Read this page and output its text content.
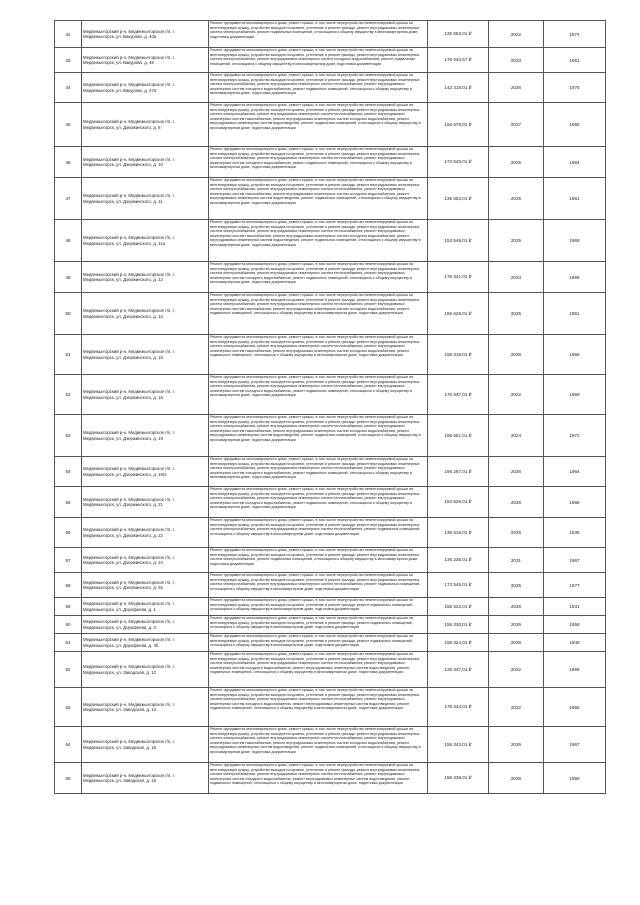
42	Медвежьегорский р-н, Медвежьегорское г/п, г. Медвежьегорск, ул. Вакурова, д. 40а	Ремонт фундамента многоквартирного дома, ремонт крыши, в том числе переустройство невентилируемой крыши на вентилируемую крышу, устройство выходов на кровлю, утепление и ремонт фасада, ремонт внутридомовых инженерных систем электроснабжения, ремонт подвальных помещений, относящихся к общему имуществу в многоквартирном доме, подготовка документации	135 653,01 ₽	2022	1974
43	Медвежьегорский р-н, Медвежьегорское г/п, г. Медвежьегорск, ул. Вакурова, д. 46	Ремонт фундамента многоквартирного дома, ремонт крыши, в том числе переустройство невентилируемой крыши на вентилируемую крышу, устройство выходов на кровлю, утепление и ремонт фасада, ремонт внутридомовых инженерных систем электроснабжения, ремонт внутридомовых инженерных систем холодного водоснабжения, ремонт подвальных помещений, относящихся к общему имуществу в многоквартирном доме, подготовка документации	176 643,67 ₽	2023	1961
44	Медвежьегорский р-н, Медвежьегорское г/п, г. Медвежьегорск, ул. Вакурова, д. 47а	Ремонт фундамента многоквартирного дома, ремонт крыши, в том числе переустройство невентилируемой крыши на вентилируемую крышу, устройство выходов на кровлю, утепление и ремонт фасада, ремонт внутридомовых инженерных систем электроснабжения, ремонт внутридомовых инженерных систем теплоснабжения, ремонт внутридомовых инженерных систем холодного водоснабжения, ремонт подвальных помещений, относящихся к общему имуществу в многоквартирном доме, подготовка документации	142 318,01 ₽	2026	1976
45	Медвежьегорский р-н, Медвежьегорское г/п, г. Медвежьегорск, ул. Дзержинского, д. 8	Ремонт фундамента многоквартирного дома, ремонт крыши, в том числе переустройство невентилируемой крыши на вентилируемую крышу, устройство выходов на кровлю, утепление и ремонт фасада, ремонт внутридомовых инженерных систем электроснабжения, ремонт внутридомовых инженерных систем теплоснабжения, ремонт внутридомовых инженерных систем газоснабжения, ремонт внутридомовых инженерных систем холодного водоснабжения, ремонт внутридомовых инженерных систем водоотведения, ремонт подвальных помещений, относящихся к общему имуществу в многоквартирном доме, подготовка документации	156 579,01 ₽	2027	1965
46	Медвежьегорский р-н, Медвежьегорское г/п, г. Медвежьегорск, ул. Дзержинского, д. 10	Ремонт фундамента многоквартирного дома, ремонт крыши, в том числе переустройство невентилируемой крыши на вентилируемую крышу, устройство выходов на кровлю, утепление и ремонт фасада, ремонт внутридомовых инженерных систем электроснабжения, ремонт внутридомовых инженерных систем теплоснабжения, ремонт внутридомовых инженерных систем холодного водоснабжения, ремонт подвальных помещений, относящихся к общему имуществу в многоквартирном доме, подготовка документации	173 549,01 ₽	2025	1964
47	Медвежьегорский р-н, Медвежьегорское г/п, г. Медвежьегорск, ул. Дзержинского, д. 11	Ремонт фундамента многоквартирного дома, ремонт крыши, в том числе переустройство невентилируемой крыши на вентилируемую крышу, устройство выходов на кровлю, утепление и ремонт фасада, ремонт внутридомовых инженерных систем электроснабжения, ремонт внутридомовых инженерных систем теплоснабжения, ремонт внутридомовых инженерных систем газоснабжения, ремонт внутридомовых инженерных систем холодного водоснабжения, ремонт внутридомовых инженерных систем водоотведения, ремонт подвальных помещений, относящихся к общему имуществу в многоквартирном доме, подготовка документации	135 653,01 ₽	2025	1961
48	Медвежьегорский р-н, Медвежьегорское г/п, г. Медвежьегорск, ул. Дзержинского, д. 11а	Ремонт фундамента многоквартирного дома, ремонт крыши, в том числе переустройство невентилируемой крыши на вентилируемую крышу, устройство выходов на кровлю, утепление и ремонт фасада, ремонт внутридомовых инженерных систем электроснабжения, ремонт внутридомовых инженерных систем теплоснабжения, ремонт внутридомовых инженерных систем газоснабжения, ремонт внутридомовых инженерных систем холодного водоснабжения, ремонт внутридомовых инженерных систем водоотведения, ремонт подвальных помещений, относящихся к общему имуществу в многоквартирном доме, подготовка документации	153 549,01 ₽	2025	1965
49	Медвежьегорский р-н, Медвежьегорское г/п, г. Медвежьегорск, ул. Дзержинского, д. 12	Ремонт фундамента многоквартирного дома, ремонт крыши, в том числе переустройство невентилируемой крыши на вентилируемую крышу, устройство выходов на кровлю, утепление и ремонт фасада, ремонт внутридомовых инженерных систем электроснабжения, ремонт внутридомовых инженерных систем теплоснабжения, ремонт внутридомовых инженерных систем холодного водоснабжения, ремонт подвальных помещений, относящихся к общему имуществу в многоквартирном доме, подготовка документации	176 341,01 ₽	2023	1966
50	Медвежьегорский р-н, Медвежьегорское г/п, г. Медвежьегорск, ул. Дзержинского, д. 13	Ремонт фундамента многоквартирного дома, ремонт крыши, в том числе переустройство невентилируемой крыши на вентилируемую крышу, устройство выходов на кровлю, утепление и ремонт фасада, ремонт внутридомовых инженерных систем электроснабжения, ремонт внутридомовых инженерных систем теплоснабжения, ремонт внутридомовых инженерных систем газоснабжения, ремонт внутридомовых инженерных систем холодного водоснабжения, ремонт подвальных помещений, относящихся к общему имуществу в многоквартирном доме, подготовка документации	155 628,01 ₽	2025	1961
51	Медвежьегорский р-н, Медвежьегорское г/п, г. Медвежьегорск, ул. Дзержинского, д. 15	Ремонт фундамента многоквартирного дома, ремонт крыши, в том числе переустройство невентилируемой крыши на вентилируемую крышу, устройство выходов на кровлю, утепление и ремонт фасада, ремонт внутридомовых инженерных систем электроснабжения, ремонт внутридомовых инженерных систем теплоснабжения, ремонт внутридомовых инженерных систем газоснабжения, ремонт внутридомовых инженерных систем холодного водоснабжения, ремонт подвальных помещений, относящихся к общему имуществу в многоквартирном доме, подготовка документации	155 318,01 ₽	2026	1966
52	Медвежьегорский р-н, Медвежьегорское г/п, г. Медвежьегорск, ул. Дзержинского, д. 16	Ремонт фундамента многоквартирного дома, ремонт крыши, в том числе переустройство невентилируемой крыши на вентилируемую крышу, устройство выходов на кровлю, утепление и ремонт фасада, ремонт внутридомовых инженерных систем электроснабжения, ремонт внутридомовых инженерных систем теплоснабжения, ремонт внутридомовых инженерных систем холодного водоснабжения, ремонт подвальных помещений, относящихся к общему имуществу в многоквартирном доме, подготовка документации	176 847,01 ₽	2022	1969
53	Медвежьегорский р-н, Медвежьегорское г/п, г. Медвежьегорск, ул. Дзержинского, д. 19	Ремонт фундамента многоквартирного дома, ремонт крыши, в том числе переустройство невентилируемой крыши на вентилируемую крышу, устройство выходов на кровлю, утепление и ремонт фасада, ремонт внутридомовых инженерных систем электроснабжения, ремонт внутридомовых инженерных систем теплоснабжения, ремонт внутридомовых инженерных систем газоснабжения, ремонт внутридомовых инженерных систем холодного водоснабжения, ремонт внутридомовых инженерных систем водоотведения, ремонт подвальных помещений, относящихся к общему имуществу в многоквартирном доме, подготовка документации	156 551,01 ₽	2024	1972
54	Медвежьегорский р-н, Медвежьегорское г/п, г. Медвежьегорск, ул. Дзержинского, д. 19/2	Ремонт фундамента многоквартирного дома, ремонт крыши, в том числе переустройство невентилируемой крыши на вентилируемую крышу, устройство выходов на кровлю, утепление и ремонт фасада, ремонт внутридомовых инженерных систем электроснабжения, ремонт внутридомовых инженерных систем теплоснабжения, ремонт внутридомовых инженерных систем холодного водоснабжения, ремонт подвальных помещений, относящихся к общему имуществу в многоквартирном доме, подготовка документации	156 267,01 ₽	2026	1964
55	Медвежьегорский р-н, Медвежьегорское г/п, г. Медвежьегорск, ул. Дзержинского, д. 21	Ремонт фундамента многоквартирного дома, ремонт крыши, в том числе переустройство невентилируемой крыши на вентилируемую крышу, устройство выходов на кровлю, утепление и ремонт фасада, ремонт внутридомовых инженерных систем электроснабжения, ремонт внутридомовых инженерных систем теплоснабжения, ремонт внутридомовых инженерных систем холодного водоснабжения, ремонт подвальных помещений, относящихся к общему имуществу в многоквартирном доме, подготовка документации	153 528,01 ₽	2026	1968
56	Медвежьегорский р-н, Медвежьегорское г/п, г. Медвежьегорск, ул. Дзержинского, д. 22	Ремонт фундамента многоквартирного дома, ремонт крыши, в том числе переустройство невентилируемой крыши на вентилируемую крышу, устройство выходов на кровлю, утепление и ремонт фасада, ремонт внутридомовых инженерных систем электроснабжения, ремонт внутридомовых инженерных систем теплоснабжения, ремонт подвальных помещений, относящихся к общему имуществу в многоквартирном доме, подготовка документации	135 518,01 ₽	2026	1936
57	Медвежьегорский р-н, Медвежьегорское г/п, г. Медвежьегорск, ул. Дзержинского, д. 24	Ремонт фундамента многоквартирного дома, ремонт крыши, в том числе переустройство невентилируемой крыши на вентилируемую крышу, устройство выходов на кровлю, утепление и ремонт фасада, ремонт внутридомовых инженерных систем электроснабжения, ремонт подвальных помещений, относящихся к общему имуществу в многоквартирном доме, подготовка документации	136 236,01 ₽	2031	1967
58	Медвежьегорский р-н, Медвежьегорское г/п, г. Медвежьегорск, ул. Дзержинского, д. 25	Ремонт фундамента многоквартирного дома, ремонт крыши, в том числе переустройство невентилируемой крыши на вентилируемую крышу, устройство выходов на кровлю, утепление и ремонт фасада, ремонт внутридомовых инженерных систем электроснабжения, ремонт внутридомовых инженерных систем теплоснабжения, ремонт подвальных помещений, относящихся к общему имуществу в многоквартирном доме, подготовка документации	173 545,01 ₽	2025	1977
59	Медвежьегорский р-н, Медвежьегорское г/п, г. Медвежьегорск, ул. Дорофеева, д. 1	Ремонт фундамента многоквартирного дома, ремонт крыши, в том числе переустройство невентилируемой крыши на вентилируемую крышу, устройство выходов на кровлю, утепление и ремонт фасада, ремонт подвальных помещений, относящихся к общему имуществу в многоквартирном доме, подготовка документации	155 532,01 ₽	2026	1931
60	Медвежьегорский р-н, Медвежьегорское г/п, г. Медвежьегорск, ул. Дорофеева, д. 3	Ремонт фундамента многоквартирного дома, ремонт крыши, в том числе переустройство невентилируемой крыши на вентилируемую крышу, устройство выходов на кровлю, утепление и ремонт фасада, ремонт подвальных помещений, относящихся к общему имуществу в многоквартирном доме, подготовка документации	155 330,01 ₽	2026	1956
61	Медвежьегорский р-н, Медвежьегорское г/п, г. Медвежьегорск, ул. Дорофеева, д. 4б	Ремонт фундамента многоквартирного дома, ремонт крыши, в том числе переустройство невентилируемой крыши на вентилируемую крышу, устройство выходов на кровлю, утепление и ремонт фасада, ремонт подвальных помещений, относящихся к общему имуществу в многоквартирном доме, подготовка документации	155 324,01 ₽	2026	1948
62	Медвежьегорский р-н, Медвежьегорское г/п, г. Медвежьегорск, ул. Заводская, д. 12	Ремонт фундамента многоквартирного дома, ремонт крыши, в том числе переустройство невентилируемой крыши на вентилируемую крышу, устройство выходов на кровлю, утепление и ремонт фасада, ремонт внутридомовых инженерных систем электроснабжения, ремонт внутридомовых инженерных систем теплоснабжения, ремонт внутридомовых инженерных систем холодного водоснабжения, ремонт внутридомовых инженерных систем водоотведения, ремонт подвальных помещений, относящихся к общему имуществу в многоквартирном доме, подготовка документации	125 347,01 ₽	2022	1966
63	Медвежьегорский р-н, Медвежьегорское г/п, г. Медвежьегорск, ул. Заводская, д. 14	Ремонт фундамента многоквартирного дома, ремонт крыши, в том числе переустройство невентилируемой крыши на вентилируемую крышу, устройство выходов на кровлю, утепление и ремонт фасада, ремонт внутридомовых инженерных систем электроснабжения, ремонт внутридомовых инженерных систем теплоснабжения, ремонт внутридомовых инженерных систем холодного водоснабжения, ремонт внутридомовых инженерных систем водоотведения, ремонт подвальных помещений, относящихся к общему имуществу в многоквартирном доме, подготовка документации	176 344,01 ₽	2022	1966
64	Медвежьегорский р-н, Медвежьегорское г/п, г. Медвежьегорск, ул. Заводская, д. 16	Ремонт фундамента многоквартирного дома, ремонт крыши, в том числе переустройство невентилируемой крыши на вентилируемую крышу, устройство выходов на кровлю, утепление и ремонт фасада, ремонт внутридомовых инженерных систем электроснабжения, ремонт внутридомовых инженерных систем теплоснабжения, ремонт внутридомовых инженерных систем газоснабжения, ремонт внутридомовых инженерных систем холодного водоснабжения, ремонт внутридомовых инженерных систем водоотведения, ремонт подвальных помещений, относящихся к общему имуществу в многоквартирном доме, подготовка документации	155 343,01 ₽	2026	1967
65	Медвежьегорский р-н, Медвежьегорское г/п, г. Медвежьегорск, ул. Заводская, д. 18	Ремонт фундамента многоквартирного дома, ремонт крыши, в том числе переустройство невентилируемой крыши на вентилируемую крышу, устройство выходов на кровлю, утепление и ремонт фасада, ремонт внутридомовых инженерных систем электроснабжения, ремонт внутридомовых инженерных систем теплоснабжения, ремонт внутридомовых инженерных систем холодного водоснабжения, ремонт внутридомовых инженерных систем водоотведения, ремонт подвальных помещений, относящихся к общему имуществу в многоквартирном доме, подготовка документации	156 338,01 ₽	2026	1959
